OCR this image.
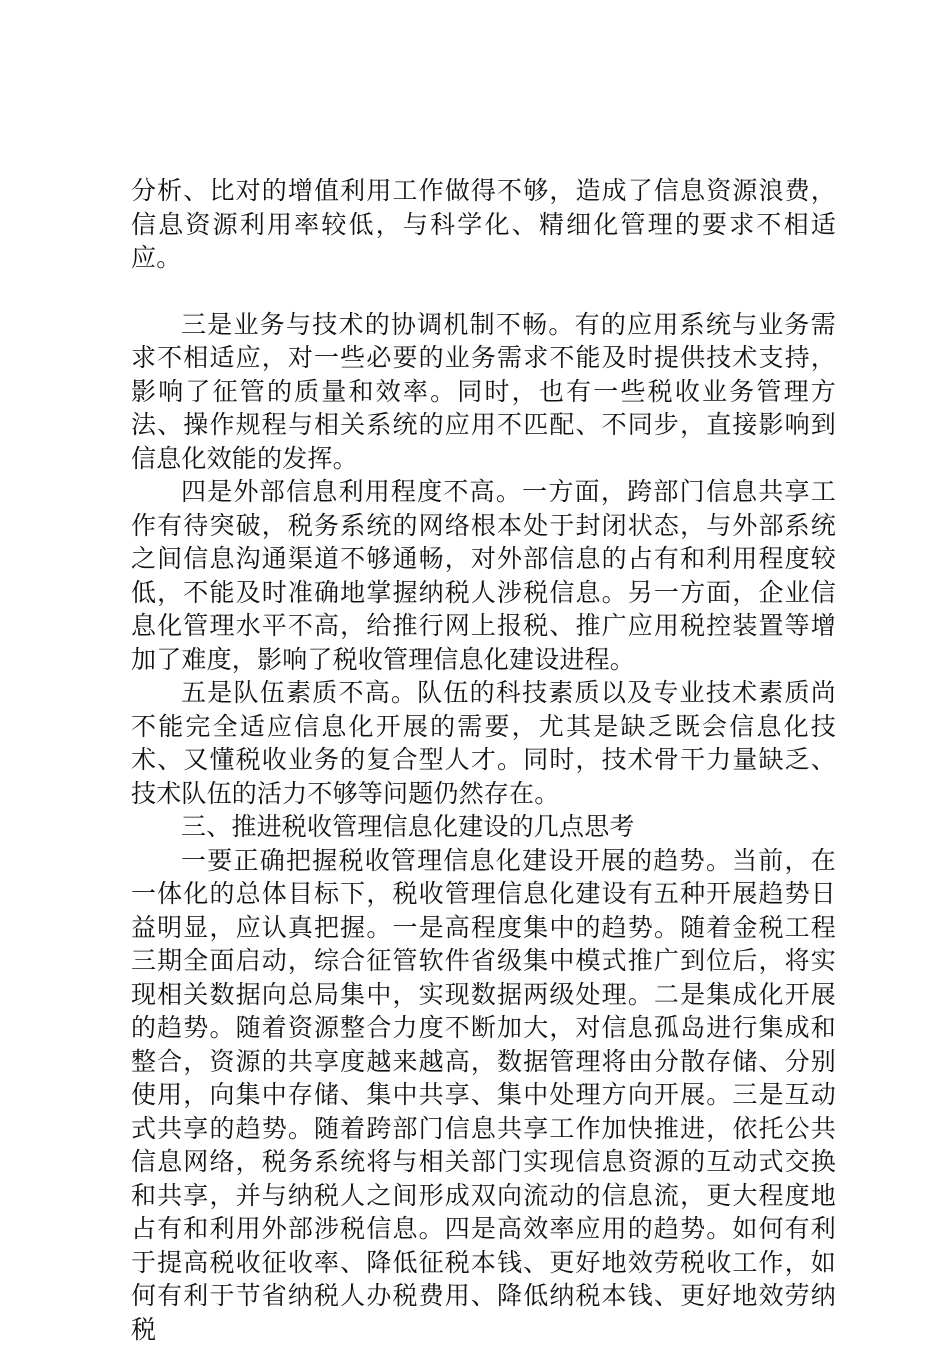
分析、比对的增值利用工作做得不够，造成了信息资源浪费，信息资源利用率较低，与科学化、精细化管理的要求不相适应。

三是业务与技术的协调机制不畅。有的应用系统与业务需求不相适应，对一些必要的业务需求不能及时提供技术支持，影响了征管的质量和效率。同时，也有一些税收业务管理方法、操作规程与相关系统的应用不匹配、不同步，直接影响到信息化效能的发挥。

四是外部信息利用程度不高。一方面，跨部门信息共享工作有待突破，税务系统的网络根本处于封闭状态，与外部系统之间信息沟通渠道不够通畅，对外部信息的占有和利用程度较低，不能及时准确地掌握纳税人涉税信息。另一方面，企业信息化管理水平不高，给推行网上报税、推广应用税控装置等增加了难度，影响了税收管理信息化建设进程。

五是队伍素质不高。队伍的科技素质以及专业技术素质尚不能完全适应信息化开展的需要，尤其是缺乏既会信息化技术、又懂税收业务的复合型人才。同时，技术骨干力量缺乏、技术队伍的活力不够等问题仍然存在。

三、推进税收管理信息化建设的几点思考

一要正确把握税收管理信息化建设开展的趋势。当前，在一体化的总体目标下，税收管理信息化建设有五种开展趋势日益明显，应认真把握。一是高程度集中的趋势。随着金税工程三期全面启动，综合征管软件省级集中模式推广到位后，将实现相关数据向总局集中，实现数据两级处理。二是集成化开展的趋势。随着资源整合力度不断加大，对信息孤岛进行集成和整合，资源的共享度越来越高，数据管理将由分散存储、分别使用，向集中存储、集中共享、集中处理方向开展。三是互动式共享的趋势。随着跨部门信息共享工作加快推进，依托公共信息网络，税务系统将与相关部门实现信息资源的互动式交换和共享，并与纳税人之间形成双向流动的信息流，更大程度地占有和利用外部涉税信息。四是高效率应用的趋势。如何有利于提高税收征收率、降低征税本钱、更好地效劳税收工作，如何有利于节省纳税人办税费用、降低纳税本钱、更好地效劳纳税
